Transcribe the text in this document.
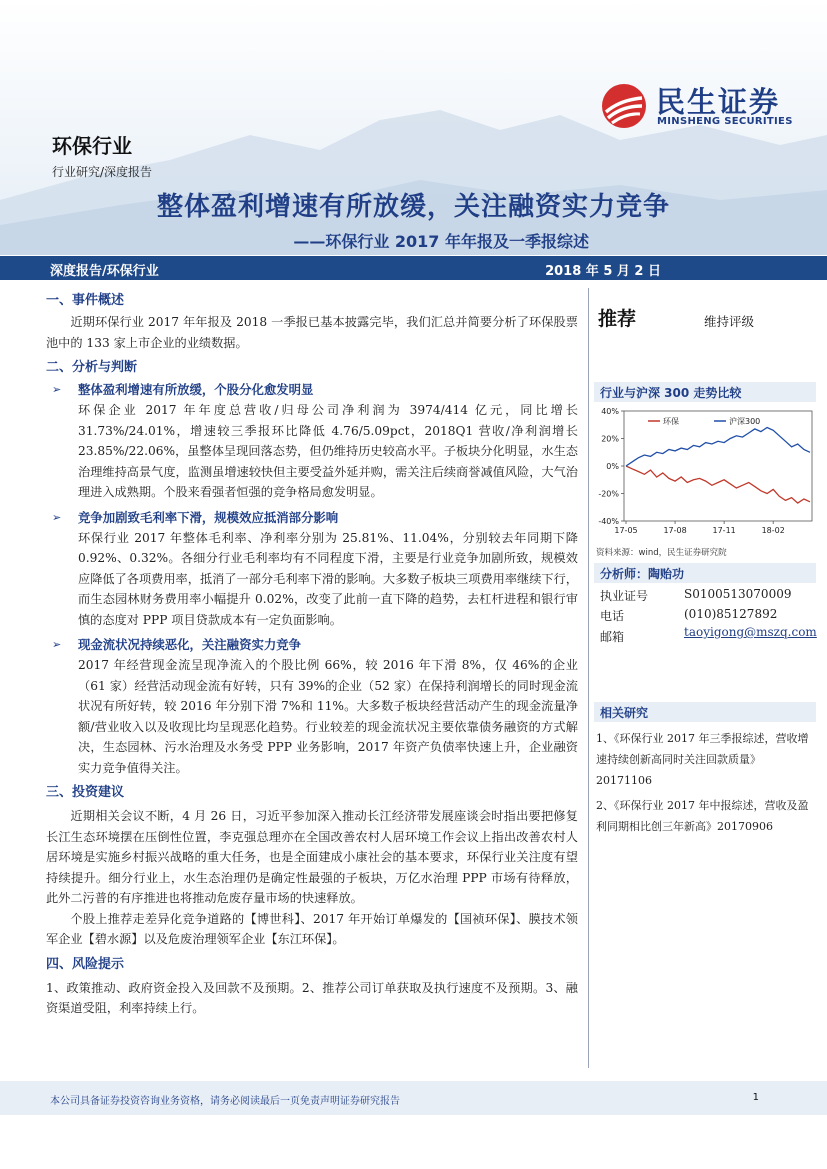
民生证券
MINSHENG SECURITIES
环保行业
行业研究/深度报告
整体盈利增速有所放缓，关注融资实力竞争
——环保行业 2017 年年报及一季报综述
深度报告/环保行业	2018 年 5 月 2 日
一、事件概述

近期环保行业 2017 年年报及 2018 一季报已基本披露完毕，我们汇总并简要分析了环保股票池中的 133 家上市企业的业绩数据。

二、分析与判断
➢ 整体盈利增速有所放缓，个股分化愈发明显

环保企业 2017 年年度总营收/归母公司净利润为 3974/414 亿元，同比增长 31.73%/24.01%，增速较三季报环比降低 4.76/5.09pct，2018Q1 营收/净利润增长 23.85%/22.06%，虽整体呈现回落态势，但仍维持历史较高水平。子板块分化明显，水生态治理维持高景气度，监测虽增速较快但主要受益外延并购，需关注后续商誉减值风险，大气治理进入成熟期。个股来看强者恒强的竞争格局愈发明显。

➢ 竞争加剧致毛利率下滑，规模效应抵消部分影响

环保行业 2017 年整体毛利率、净利率分别为 25.81%、11.04%，分别较去年同期下降 0.92%、0.32%。各细分行业毛利率均有不同程度下滑，主要是行业竞争加剧所致，规模效应降低了各项费用率，抵消了一部分毛利率下滑的影响。大多数子板块三项费用率继续下行，而生态园林财务费用率小幅提升 0.02%，改变了此前一直下降的趋势，去杠杆进程和银行审慎的态度对 PPP 项目贷款成本有一定负面影响。

➢ 现金流状况持续恶化，关注融资实力竞争

2017 年经营现金流呈现净流入的个股比例 66%，较 2016 年下滑 8%，仅 46%的企业（61 家）经营活动现金流有好转，只有 39%的企业（52 家）在保持利润增长的同时现金流状况有所好转，较 2016 年分别下滑 7%和 11%。大多数子板块经营活动产生的现金流量净额/营业收入以及收现比均呈现恶化趋势。行业较差的现金流状况主要依靠债务融资的方式解决，生态园林、污水治理及水务受 PPP 业务影响，2017 年资产负债率快速上升，企业融资实力竞争值得关注。

三、投资建议

近期相关会议不断，4 月 26 日，习近平参加深入推动长江经济带发展座谈会时指出要把修复长江生态环境摆在压倒性位置，李克强总理亦在全国改善农村人居环境工作会议上指出改善农村人居环境是实施乡村振兴战略的重大任务，也是全面建成小康社会的基本要求，环保行业关注度有望持续提升。细分行业上，水生态治理仍是确定性最强的子板块，万亿水治理 PPP 市场有待释放，此外二污普的有序推进也将推动危废存量市场的快速释放。

个股上推荐走差异化竞争道路的【博世科】、2017 年开始订单爆发的【国祯环保】、膜技术领军企业【碧水源】以及危废治理领军企业【东江环保】。

四、风险提示

1、政策推动、政府资金投入及回款不及预期。2、推荐公司订单获取及执行速度不及预期。3、融资渠道受阻，利率持续上行。

推荐	维持评级
行业与沪深 300 走势比较
40%
20%
0%
-20%
-40%
17-05	17-08	17-11	18-02
环保	沪深300
资料来源：wind，民生证券研究院
分析师：陶贻功
执业证号	S0100513070009
电话	(010)85127892
邮箱	taoyigong@mszq.com
相关研究

1、《环保行业 2017 年三季报综述，营收增速持续创新高同时关注回款质量》20171106

2、《环保行业 2017 年中报综述，营收及盈利同期相比创三年新高》20170906

本公司具备证券投资咨询业务资格，请务必阅读最后一页免责声明证券研究报告	1
